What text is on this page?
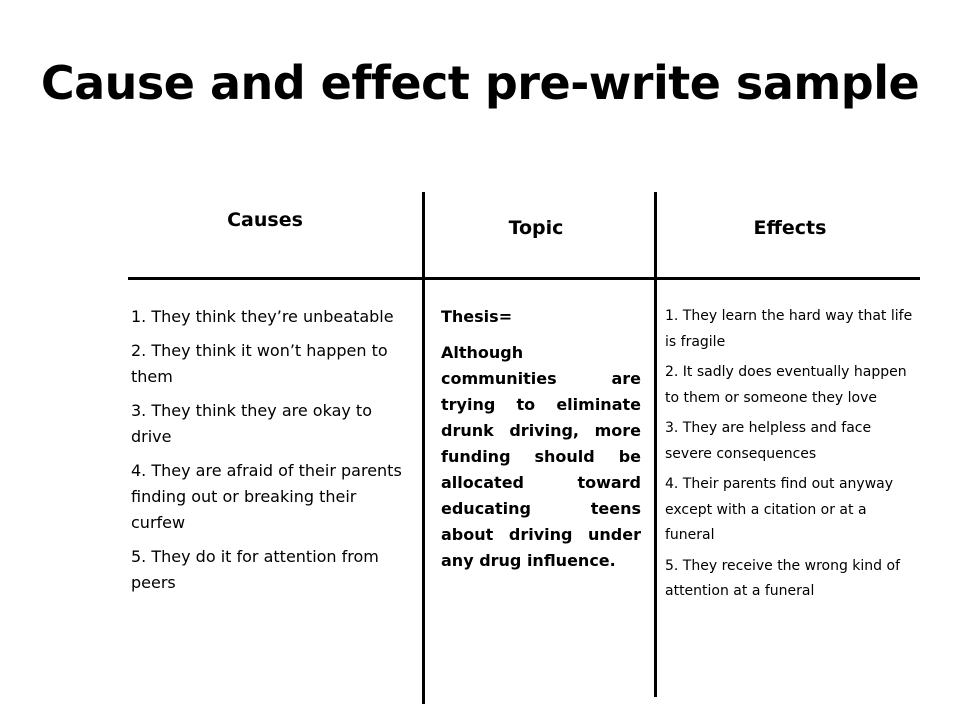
Cause and effect pre-write sample
Causes	Topic	Effects

1. They think they’re unbeatable

2. They think it won’t happen to them

3. They think they are okay to drive

4. They are afraid of their parents finding out or breaking their curfew

5. They do it for attention from peers

Thesis=

Although communities are trying to eliminate drunk driving, more funding should be allocated toward educating teens about driving under any drug influence.

1. They learn the hard way that life is fragile

2. It sadly does eventually happen to them or someone they love

3. They are helpless and face severe consequences

4. Their parents find out anyway except with a citation or at a funeral

5. They receive the wrong kind of attention at a funeral
